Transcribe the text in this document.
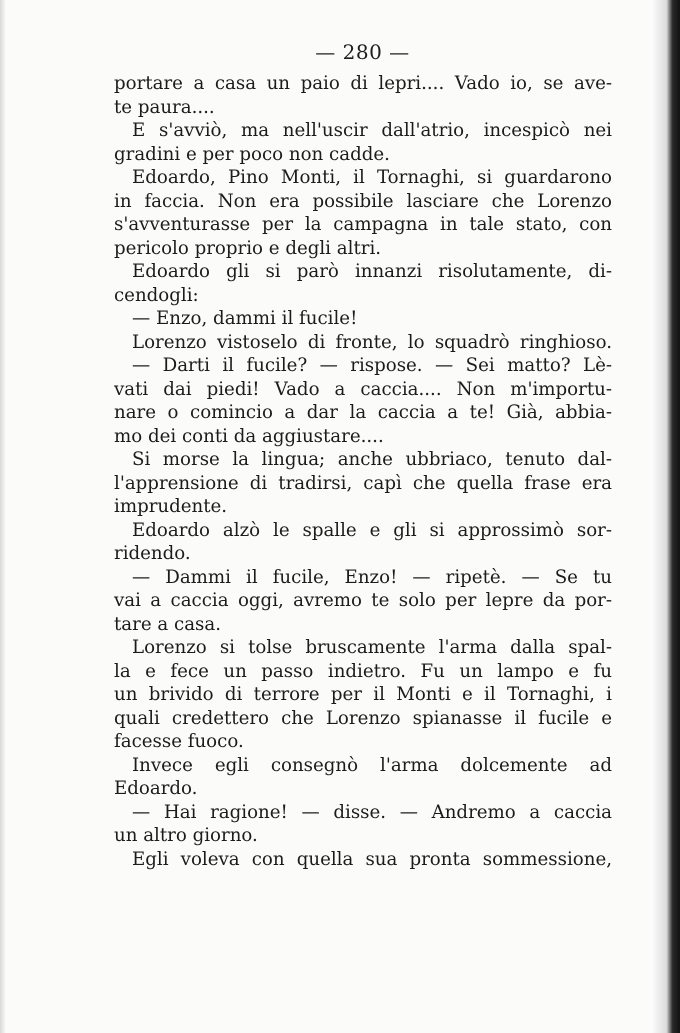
— 280 —
portare a casa un paio di lepri.... Vado io, se ave-
te paura....
E s'avviò, ma nell'uscir dall'atrio, incespicò nei
gradini e per poco non cadde.
Edoardo, Pino Monti, il Tornaghi, si guardarono
in faccia. Non era possibile lasciare che Lorenzo
s'avventurasse per la campagna in tale stato, con
pericolo proprio e degli altri.
Edoardo gli si parò innanzi risolutamente, di-
cendogli:
— Enzo, dammi il fucile!
Lorenzo vistoselo di fronte, lo squadrò ringhioso.
— Darti il fucile? — rispose. — Sei matto? Lè-
vati dai piedi! Vado a caccia.... Non m'importu-
nare o comincio a dar la caccia a te! Già, abbia-
mo dei conti da aggiustare....
Si morse la lingua; anche ubbriaco, tenuto dal-
l'apprensione di tradirsi, capì che quella frase era
imprudente.
Edoardo alzò le spalle e gli si approssimò sor-
ridendo.
— Dammi il fucile, Enzo! — ripetè. — Se tu
vai a caccia oggi, avremo te solo per lepre da por-
tare a casa.
Lorenzo si tolse bruscamente l'arma dalla spal-
la e fece un passo indietro. Fu un lampo e fu
un brivido di terrore per il Monti e il Tornaghi, i
quali credettero che Lorenzo spianasse il fucile e
facesse fuoco.
Invece egli consegnò l'arma dolcemente ad
Edoardo.
— Hai ragione! — disse. — Andremo a caccia
un altro giorno.
Egli voleva con quella sua pronta sommessione,
